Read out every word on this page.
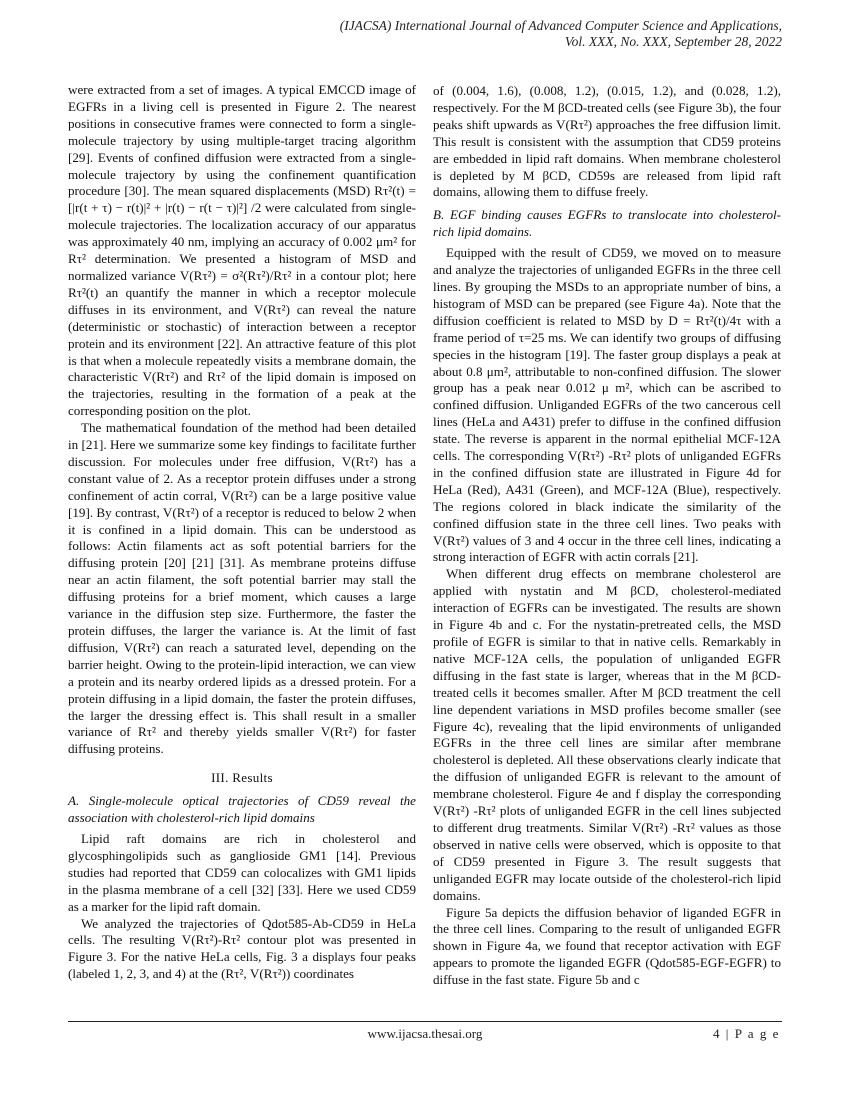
(IJACSA) International Journal of Advanced Computer Science and Applications,
Vol. XXX, No. XXX, September 28, 2022

were extracted from a set of images. A typical EMCCD image of EGFRs in a living cell is presented in Figure 2. The nearest positions in consecutive frames were connected to form a single-molecule trajectory by using multiple-target tracing algorithm [29]. Events of confined diffusion were extracted from a single-molecule trajectory by using the confinement quantification procedure [30]. The mean squared displacements (MSD) Rτ²(t) = [|r(t + τ) − r(t)|² + |r(t) − r(t − τ)|²] /2 were calculated from single-molecule trajectories. The localization accuracy of our apparatus was approximately 40 nm, implying an accuracy of 0.002 μm² for Rτ² determination. We presented a histogram of MSD and normalized variance V(Rτ²) = σ²(Rτ²)/Rτ² in a contour plot; here Rτ²(t) an quantify the manner in which a receptor molecule diffuses in its environment, and V(Rτ²) can reveal the nature (deterministic or stochastic) of interaction between a receptor protein and its environment [22]. An attractive feature of this plot is that when a molecule repeatedly visits a membrane domain, the characteristic V(Rτ²) and Rτ² of the lipid domain is imposed on the trajectories, resulting in the formation of a peak at the corresponding position on the plot.

The mathematical foundation of the method had been detailed in [21]. Here we summarize some key findings to facilitate further discussion. For molecules under free diffusion, V(Rτ²) has a constant value of 2. As a receptor protein diffuses under a strong confinement of actin corral, V(Rτ²) can be a large positive value [19]. By contrast, V(Rτ²) of a receptor is reduced to below 2 when it is confined in a lipid domain. This can be understood as follows: Actin filaments act as soft potential barriers for the diffusing protein [20] [21] [31]. As membrane proteins diffuse near an actin filament, the soft potential barrier may stall the diffusing proteins for a brief moment, which causes a large variance in the diffusion step size. Furthermore, the faster the protein diffuses, the larger the variance is. At the limit of fast diffusion, V(Rτ²) can reach a saturated level, depending on the barrier height. Owing to the protein-lipid interaction, we can view a protein and its nearby ordered lipids as a dressed protein. For a protein diffusing in a lipid domain, the faster the protein diffuses, the larger the dressing effect is. This shall result in a smaller variance of Rτ² and thereby yields smaller V(Rτ²) for faster diffusing proteins.

III. Results
A. Single-molecule optical trajectories of CD59 reveal the association with cholesterol-rich lipid domains

Lipid raft domains are rich in cholesterol and glycosphingolipids such as ganglioside GM1 [14]. Previous studies had reported that CD59 can colocalizes with GM1 lipids in the plasma membrane of a cell [32] [33]. Here we used CD59 as a marker for the lipid raft domain.

We analyzed the trajectories of Qdot585-Ab-CD59 in HeLa cells. The resulting V(Rτ²)-Rτ² contour plot was presented in Figure 3. For the native HeLa cells, Fig. 3 a displays four peaks (labeled 1, 2, 3, and 4) at the (Rτ², V(Rτ²)) coordinates

of (0.004, 1.6), (0.008, 1.2), (0.015, 1.2), and (0.028, 1.2), respectively. For the M βCD-treated cells (see Figure 3b), the four peaks shift upwards as V(Rτ²) approaches the free diffusion limit. This result is consistent with the assumption that CD59 proteins are embedded in lipid raft domains. When membrane cholesterol is depleted by M βCD, CD59s are released from lipid raft domains, allowing them to diffuse freely.

B. EGF binding causes EGFRs to translocate into cholesterol-rich lipid domains.

Equipped with the result of CD59, we moved on to measure and analyze the trajectories of unliganded EGFRs in the three cell lines. By grouping the MSDs to an appropriate number of bins, a histogram of MSD can be prepared (see Figure 4a). Note that the diffusion coefficient is related to MSD by D = Rτ²(t)/4τ with a frame period of τ=25 ms. We can identify two groups of diffusing species in the histogram [19]. The faster group displays a peak at about 0.8 μm², attributable to non-confined diffusion. The slower group has a peak near 0.012 μ m², which can be ascribed to confined diffusion. Unliganded EGFRs of the two cancerous cell lines (HeLa and A431) prefer to diffuse in the confined diffusion state. The reverse is apparent in the normal epithelial MCF-12A cells. The corresponding V(Rτ²) -Rτ² plots of unliganded EGFRs in the confined diffusion state are illustrated in Figure 4d for HeLa (Red), A431 (Green), and MCF-12A (Blue), respectively. The regions colored in black indicate the similarity of the confined diffusion state in the three cell lines. Two peaks with V(Rτ²) values of 3 and 4 occur in the three cell lines, indicating a strong interaction of EGFR with actin corrals [21].

When different drug effects on membrane cholesterol are applied with nystatin and M βCD, cholesterol-mediated interaction of EGFRs can be investigated. The results are shown in Figure 4b and c. For the nystatin-pretreated cells, the MSD profile of EGFR is similar to that in native cells. Remarkably in native MCF-12A cells, the population of unliganded EGFR diffusing in the fast state is larger, whereas that in the M βCD-treated cells it becomes smaller. After M βCD treatment the cell line dependent variations in MSD profiles become smaller (see Figure 4c), revealing that the lipid environments of unliganded EGFRs in the three cell lines are similar after membrane cholesterol is depleted. All these observations clearly indicate that the diffusion of unliganded EGFR is relevant to the amount of membrane cholesterol. Figure 4e and f display the corresponding V(Rτ²) -Rτ² plots of unliganded EGFR in the cell lines subjected to different drug treatments. Similar V(Rτ²) -Rτ² values as those observed in native cells were observed, which is opposite to that of CD59 presented in Figure 3. The result suggests that unliganded EGFR may locate outside of the cholesterol-rich lipid domains.

Figure 5a depicts the diffusion behavior of liganded EGFR in the three cell lines. Comparing to the result of unliganded EGFR shown in Figure 4a, we found that receptor activation with EGF appears to promote the liganded EGFR (Qdot585-EGF-EGFR) to diffuse in the fast state. Figure 5b and c

www.ijacsa.thesai.org	4 | P a g e
